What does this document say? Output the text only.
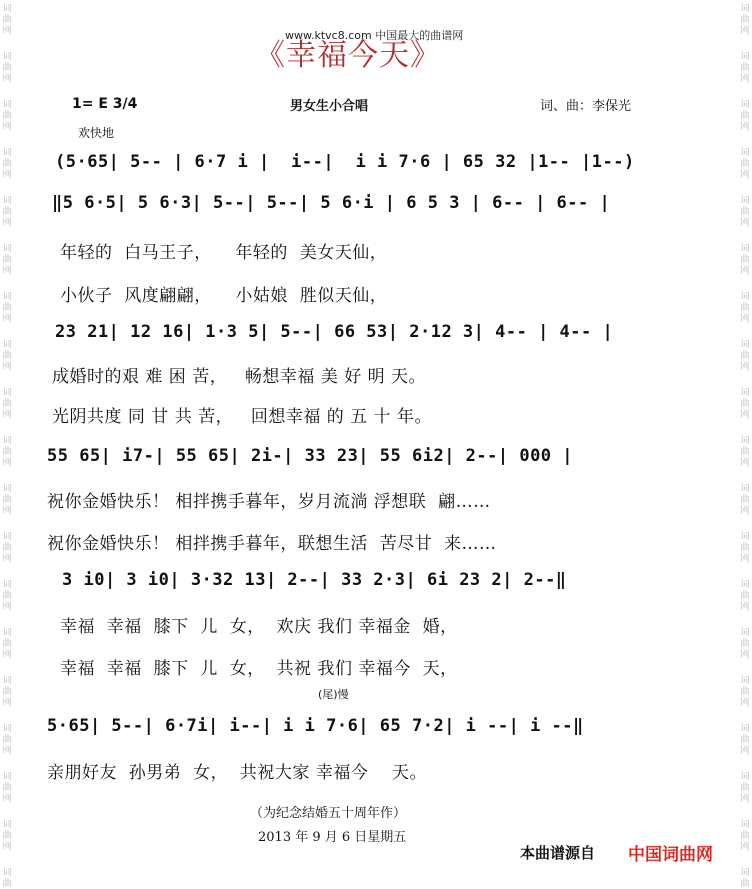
词
曲
网
词
曲
网
词
曲
网
词
曲
网
词
曲
网
词
曲
网
词
曲
网
词
曲
网
词
曲
网
词
曲
网
词
曲
网
词
曲
网
词
曲
网
词
曲
网
词
曲
网
词
曲
网
词
曲
网
词
曲
网
词
曲
词
曲
网
词
曲
网
词
曲
网
词
曲
网
词
曲
网
词
曲
网
词
曲
网
词
曲
网
词
曲
网
词
曲
网
词
曲
网
词
曲
网
词
曲
网
词
曲
网
词
曲
网
词
曲
网
词
曲
网
词
曲
网
词
曲
www.ktvc8.com 中国最大的曲谱网
《幸福今天》
1= E 3/4	男女生小合唱	词、曲：李保光
欢快地
(5·65| 5-- | 6·7 i |  i--|  i i 7·6 | 65 32 |1-- |1--)
‖5 6·5| 5 6·3| 5--| 5--| 5 6·i | 6 5 3 | 6-- | 6-- |
年轻的  白马王子，    年轻的  美女天仙，
小伙子  风度翩翩，    小姑娘  胜似天仙，
23 21| 12 16| 1·3 5| 5--| 66 53| 2·12 3| 4-- | 4-- |
成婚时的艰 难 困 苦，   畅想幸福 美 好 明 天。
光阴共度 同 甘 共 苦，   回想幸福 的 五 十 年。
55 65| i7-| 55 65| 2i-| 33 23| 55 6i2| 2--| 000 |
祝你金婚快乐！ 相拌携手暮年，岁月流淌 浮想联  翩……
祝你金婚快乐！ 相拌携手暮年，联想生活  苦尽甘  来……
3 i0| 3 i0| 3·32 13| 2--| 33 2·3| 6i 23 2| 2--‖
幸福  幸福  膝下  儿  女，  欢庆 我们 幸福金  婚，
幸福  幸福  膝下  儿  女，  共祝 我们 幸福今  天，
(尾)慢
5·65| 5--| 6·7i| i--| i i 7·6| 65 7·2| i --| i --‖
亲朋好友  孙男弟  女，  共祝大家 幸福今    天。
（为纪念结婚五十周年作）
2013 年 9 月 6 日星期五
本曲谱源自 中国词曲网
